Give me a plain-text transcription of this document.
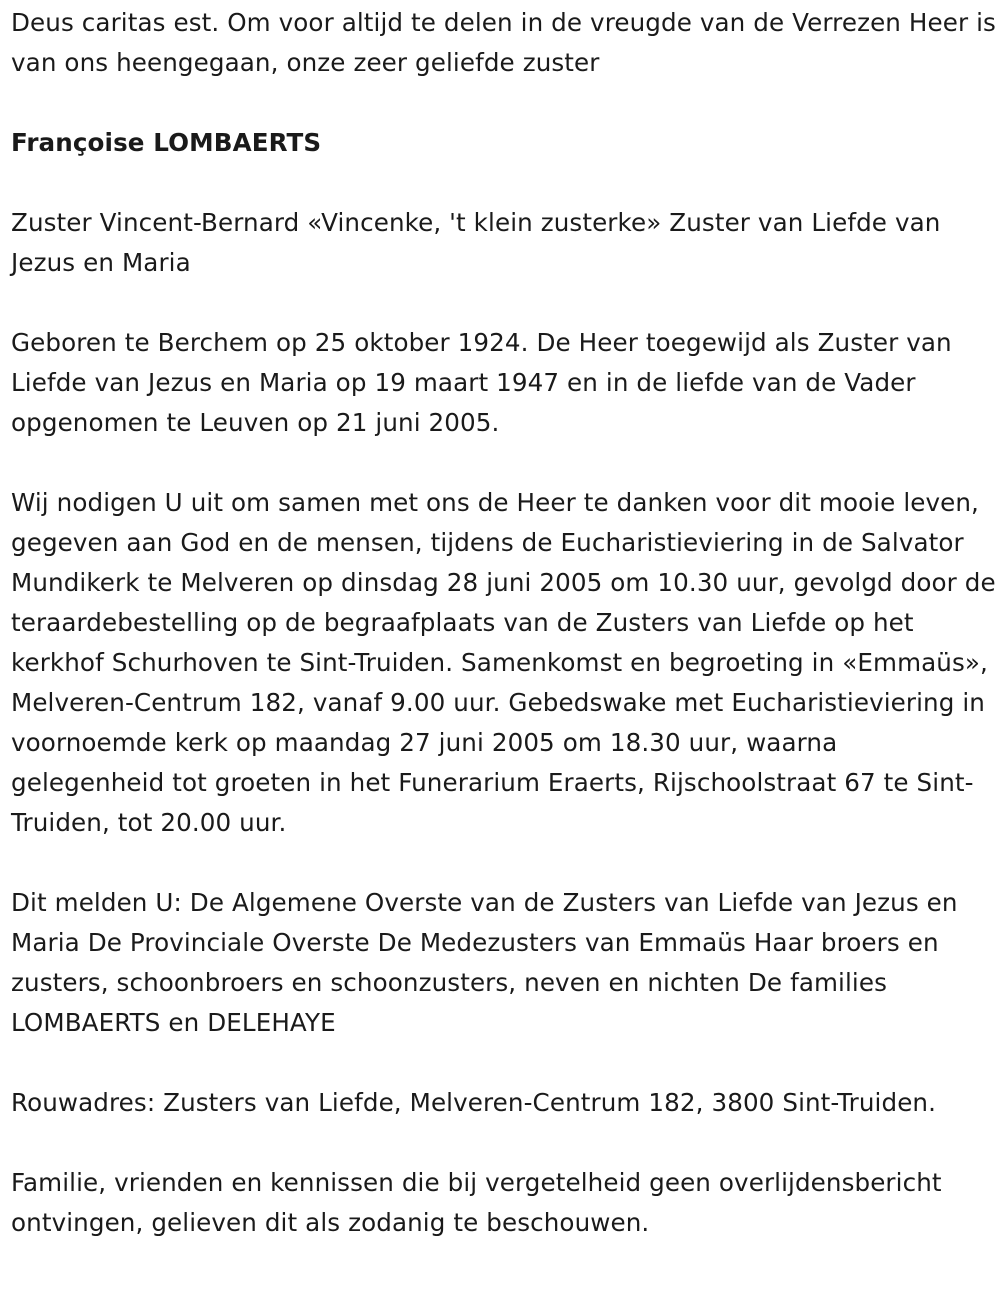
Deus caritas est. Om voor altijd te delen in de vreugde van de Verrezen Heer is van ons heengegaan, onze zeer geliefde zuster

Françoise LOMBAERTS

Zuster Vincent-Bernard «Vincenke, 't klein zusterke» Zuster van Liefde van Jezus en Maria

Geboren te Berchem op 25 oktober 1924. De Heer toegewijd als Zuster van Liefde van Jezus en Maria op 19 maart 1947 en in de liefde van de Vader opgenomen te Leuven op 21 juni 2005.

Wij nodigen U uit om samen met ons de Heer te danken voor dit mooie leven, gegeven aan God en de mensen, tijdens de Eucharistieviering in de Salvator Mundikerk te Melveren op dinsdag 28 juni 2005 om 10.30 uur, gevolgd door de teraardebestelling op de begraafplaats van de Zusters van Liefde op het kerkhof Schurhoven te Sint-Truiden. Samenkomst en begroeting in «Emmaüs», Melveren-Centrum 182, vanaf 9.00 uur. Gebedswake met Eucharistieviering in voornoemde kerk op maandag 27 juni 2005 om 18.30 uur, waarna gelegenheid tot groeten in het Funerarium Eraerts, Rijschoolstraat 67 te Sint-Truiden, tot 20.00 uur.

Dit melden U: De Algemene Overste van de Zusters van Liefde van Jezus en Maria De Provinciale Overste De Medezusters van Emmaüs Haar broers en zusters, schoonbroers en schoonzusters, neven en nichten De families LOMBAERTS en DELEHAYE

Rouwadres: Zusters van Liefde, Melveren-Centrum 182, 3800 Sint-Truiden.

Familie, vrienden en kennissen die bij vergetelheid geen overlijdensbericht ontvingen, gelieven dit als zodanig te beschouwen.
